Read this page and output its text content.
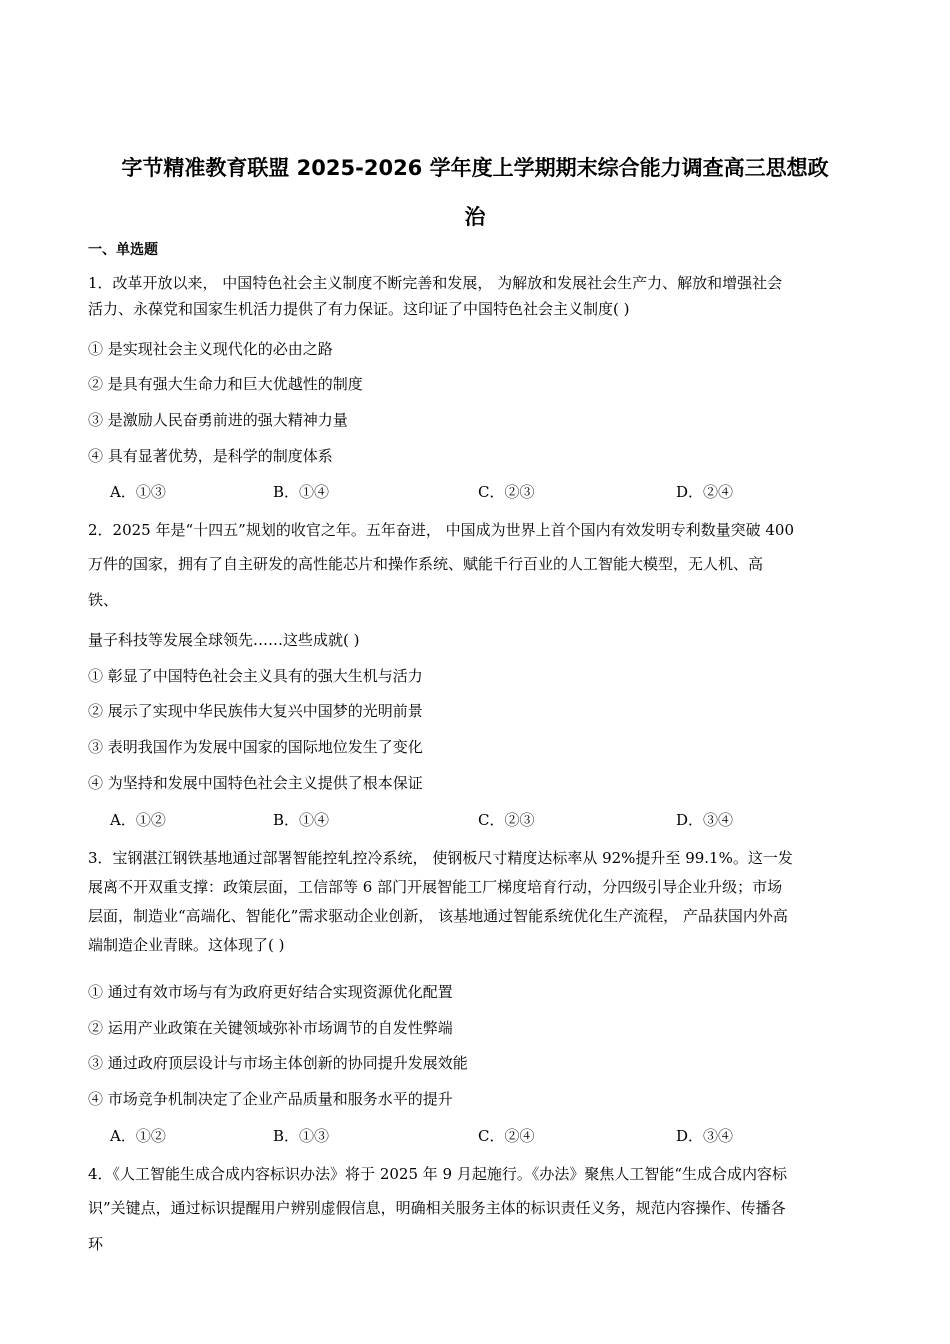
字节精准教育联盟 2025-2026 学年度上学期期末综合能力调查高三思想政
治
一、单选题
1．改革开放以来， 中国特色社会主义制度不断完善和发展， 为解放和发展社会生产力、解放和增强社会
活力、永葆党和国家生机活力提供了有力保证。这印证了中国特色社会主义制度( )
① 是实现社会主义现代化的必由之路
② 是具有强大生命力和巨大优越性的制度
③ 是激励人民奋勇前进的强大精神力量
④ 具有显著优势，是科学的制度体系
A．①③	B．①④	C．②③	D．②④
2．2025 年是“十四五”规划的收官之年。五年奋进， 中国成为世界上首个国内有效发明专利数量突破 400
万件的国家，拥有了自主研发的高性能芯片和操作系统、赋能千行百业的人工智能大模型，无人机、高
铁、
量子科技等发展全球领先……这些成就( )
① 彰显了中国特色社会主义具有的强大生机与活力
② 展示了实现中华民族伟大复兴中国梦的光明前景
③ 表明我国作为发展中国家的国际地位发生了变化
④ 为坚持和发展中国特色社会主义提供了根本保证
A．①②	B．①④	C．②③	D．③④
3．宝钢湛江钢铁基地通过部署智能控轧控冷系统， 使钢板尺寸精度达标率从 92%提升至 99.1%。这一发
展离不开双重支撑：政策层面，工信部等 6 部门开展智能工厂梯度培育行动，分四级引导企业升级；市场
层面，制造业“高端化、智能化”需求驱动企业创新， 该基地通过智能系统优化生产流程， 产品获国内外高
端制造企业青睐。这体现了( )
① 通过有效市场与有为政府更好结合实现资源优化配置
② 运用产业政策在关键领域弥补市场调节的自发性弊端
③ 通过政府顶层设计与市场主体创新的协同提升发展效能
④ 市场竞争机制决定了企业产品质量和服务水平的提升
A．①②	B．①③	C．②④	D．③④
4．《人工智能生成合成内容标识办法》将于 2025 年 9 月起施行。《办法》聚焦人工智能“生成合成内容标
识”关键点，通过标识提醒用户辨别虚假信息，明确相关服务主体的标识责任义务，规范内容操作、传播各
环
